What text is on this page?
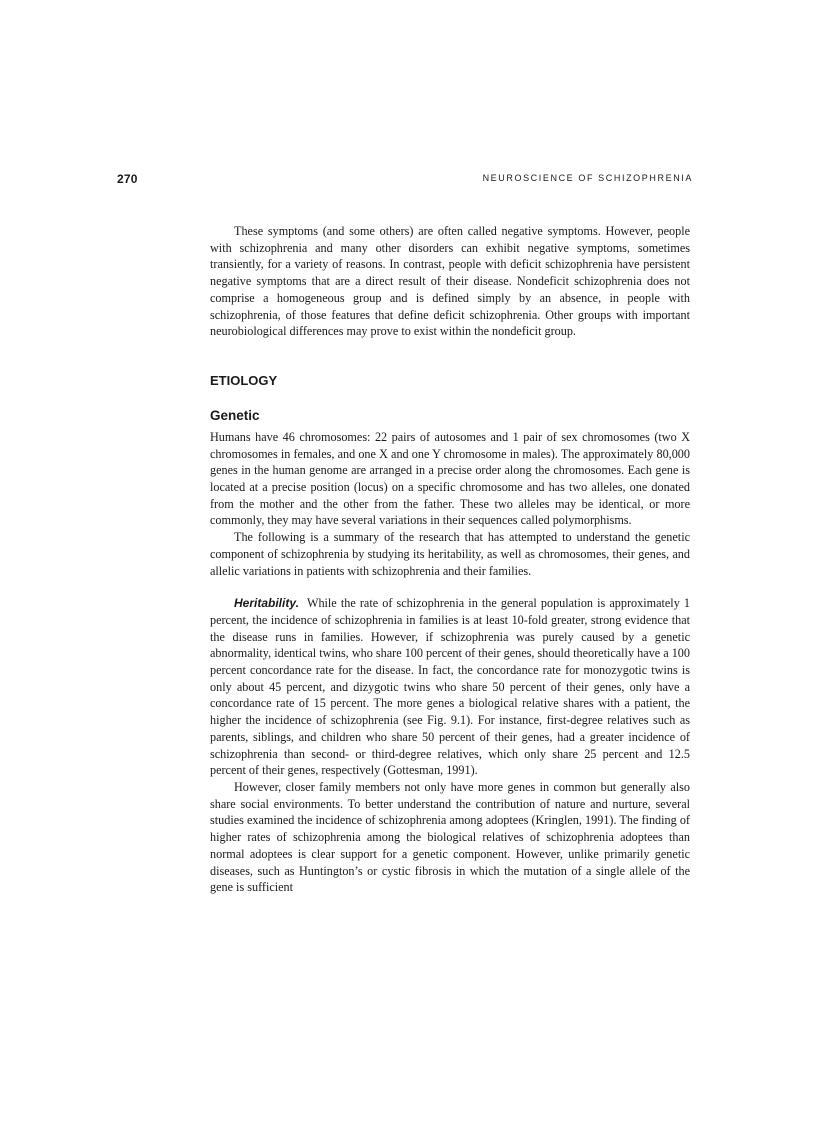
270	NEUROSCIENCE OF SCHIZOPHRENIA

These symptoms (and some others) are often called negative symptoms. However, people with schizophrenia and many other disorders can exhibit negative symptoms, sometimes transiently, for a variety of reasons. In contrast, people with deficit schizophrenia have persistent negative symptoms that are a direct result of their disease. Nondeficit schizophrenia does not comprise a homogeneous group and is defined simply by an absence, in people with schizophrenia, of those features that define deficit schizophrenia. Other groups with important neurobiological differences may prove to exist within the nondeficit group.

ETIOLOGY
Genetic

Humans have 46 chromosomes: 22 pairs of autosomes and 1 pair of sex chromosomes (two X chromosomes in females, and one X and one Y chromosome in males). The approximately 80,000 genes in the human genome are arranged in a precise order along the chromosomes. Each gene is located at a precise position (locus) on a specific chromosome and has two alleles, one donated from the mother and the other from the father. These two alleles may be identical, or more commonly, they may have several variations in their sequences called polymorphisms.

The following is a summary of the research that has attempted to understand the genetic component of schizophrenia by studying its heritability, as well as chromosomes, their genes, and allelic variations in patients with schizophrenia and their families.

Heritability. While the rate of schizophrenia in the general population is approximately 1 percent, the incidence of schizophrenia in families is at least 10-fold greater, strong evidence that the disease runs in families. However, if schizophrenia was purely caused by a genetic abnormality, identical twins, who share 100 percent of their genes, should theoretically have a 100 percent concordance rate for the disease. In fact, the concordance rate for monozygotic twins is only about 45 percent, and dizygotic twins who share 50 percent of their genes, only have a concordance rate of 15 percent. The more genes a biological relative shares with a patient, the higher the incidence of schizophrenia (see Fig. 9.1). For instance, first-degree relatives such as parents, siblings, and children who share 50 percent of their genes, had a greater incidence of schizophrenia than second- or third-degree relatives, which only share 25 percent and 12.5 percent of their genes, respectively (Gottesman, 1991).

However, closer family members not only have more genes in common but generally also share social environments. To better understand the contribution of nature and nurture, several studies examined the incidence of schizophrenia among adoptees (Kringlen, 1991). The finding of higher rates of schizophrenia among the biological relatives of schizophrenia adoptees than normal adoptees is clear support for a genetic component. However, unlike primarily genetic diseases, such as Huntington’s or cystic fibrosis in which the mutation of a single allele of the gene is sufficient
